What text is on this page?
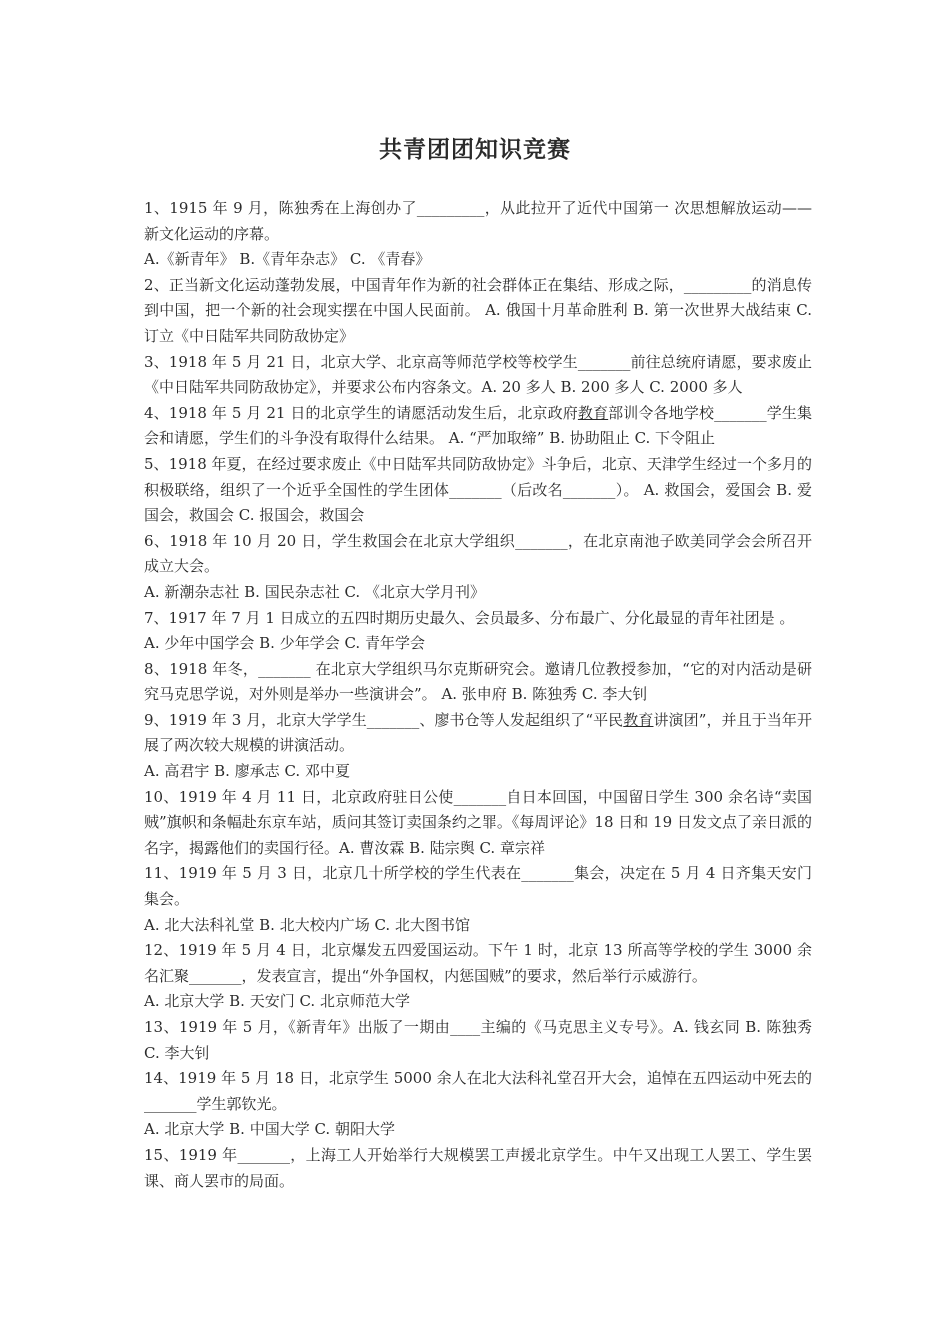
共青团团知识竞赛

1、1915 年 9 月，陈独秀在上海创办了_________，从此拉开了近代中国第一 次思想解放运动——新文化运动的序幕。

A.《新青年》 B.《青年杂志》 C. 《青春》

2、正当新文化运动蓬勃发展，中国青年作为新的社会群体正在集结、形成之际，_________的消息传到中国，把一个新的社会现实摆在中国人民面前。 A. 俄国十月革命胜利 B. 第一次世界大战结束 C. 订立《中日陆军共同防敌协定》

3、1918 年 5 月 21 日，北京大学、北京高等师范学校等校学生_______前往总统府请愿，要求废止《中日陆军共同防敌协定》，并要求公布内容条文。A. 20 多人 B. 200 多人 C. 2000 多人

4、1918 年 5 月 21 日的北京学生的请愿活动发生后，北京政府教育部训令各地学校_______学生集会和请愿，学生们的斗争没有取得什么结果。 A. “严加取缔” B. 协助阻止 C. 下令阻止

5、1918 年夏，在经过要求废止《中日陆军共同防敌协定》斗争后，北京、天津学生经过一个多月的积极联络，组织了一个近乎全国性的学生团体_______（后改名_______）。 A. 救国会，爱国会 B. 爱国会，救国会 C. 报国会，救国会

6、1918 年 10 月 20 日，学生救国会在北京大学组织_______，在北京南池子欧美同学会会所召开成立大会。

A. 新潮杂志社 B. 国民杂志社 C. 《北京大学月刊》

7、1917 年 7 月 1 日成立的五四时期历史最久、会员最多、分布最广、分化最显的青年社团是 。

A. 少年中国学会 B. 少年学会 C. 青年学会

8、1918 年冬，_______ 在北京大学组织马尔克斯研究会。邀请几位教授参加，“它的对内活动是研究马克思学说，对外则是举办一些演讲会”。 A. 张申府 B. 陈独秀 C. 李大钊

9、1919 年 3 月，北京大学学生_______、廖书仓等人发起组织了“平民教育讲演团”，并且于当年开展了两次较大规模的讲演活动。

A. 高君宇 B. 廖承志 C. 邓中夏

10、1919 年 4 月 11 日，北京政府驻日公使_______自日本回国，中国留日学生 300 余名诗“卖国贼”旗帜和条幅赴东京车站，质问其签订卖国条约之罪。《每周评论》18 日和 19 日发文点了亲日派的名字，揭露他们的卖国行径。A. 曹汝霖 B. 陆宗舆 C. 章宗祥

11、1919 年 5 月 3 日，北京几十所学校的学生代表在_______集会，决定在 5 月 4 日齐集天安门集会。

A. 北大法科礼堂 B. 北大校内广场 C. 北大图书馆

12、1919 年 5 月 4 日，北京爆发五四爱国运动。下午 1 时，北京 13 所高等学校的学生 3000 余名汇聚_______，发表宣言，提出“外争国权，内惩国贼”的要求，然后举行示威游行。

A. 北京大学 B. 天安门 C. 北京师范大学

13、1919 年 5 月，《新青年》出版了一期由____主编的《马克思主义专号》。A. 钱玄同 B. 陈独秀 C. 李大钊

14、1919 年 5 月 18 日，北京学生 5000 余人在北大法科礼堂召开大会，追悼在五四运动中死去的_______学生郭钦光。

A. 北京大学 B. 中国大学 C. 朝阳大学

15、1919 年_______，上海工人开始举行大规模罢工声援北京学生。中午又出现工人罢工、学生罢课、商人罢市的局面。
